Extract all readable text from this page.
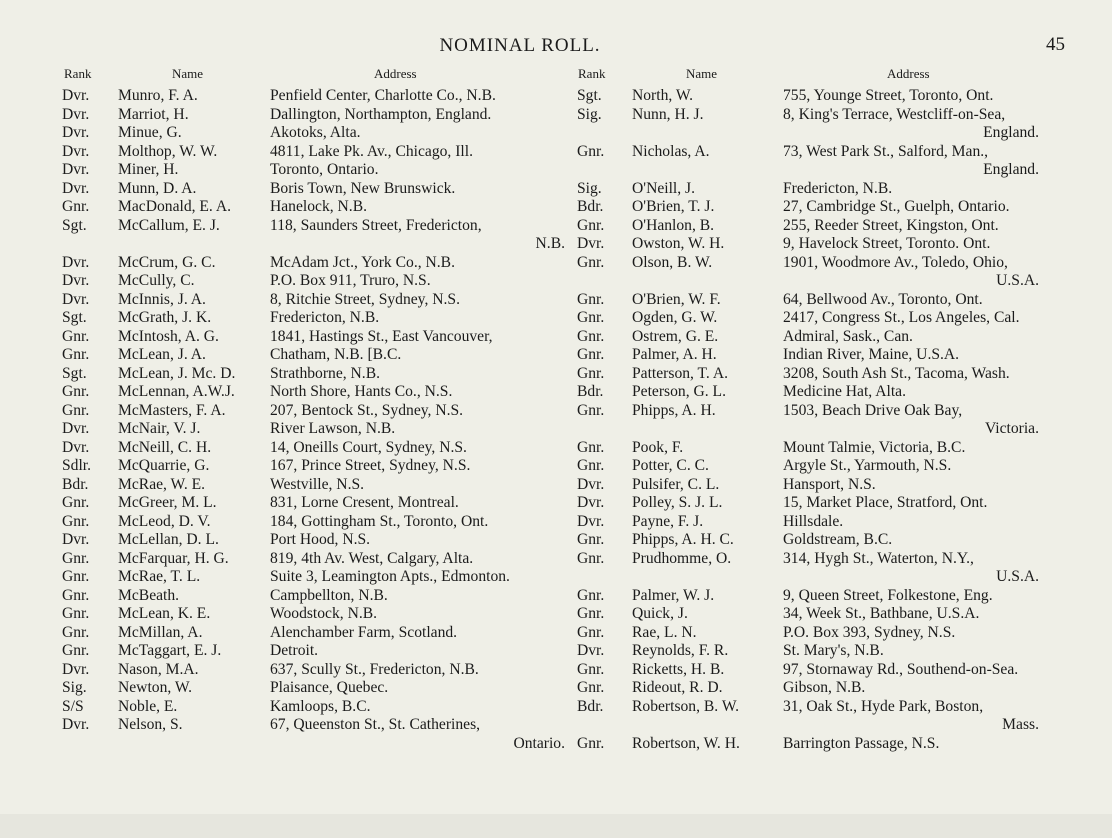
NOMINAL ROLL.	45
Rank	Name	Address	Rank	Name	Address
Dvr. Munro, F. A.	Penfield Center, Charlotte Co., N.B.
Dvr. Marriot, H.	Dallington, Northampton, England.
Dvr. Minue, G.	Akotoks, Alta.
Dvr. Molthop, W. W.	4811, Lake Pk. Av., Chicago, Ill.
Dvr. Miner, H.	Toronto, Ontario.
Dvr. Munn, D. A.	Boris Town, New Brunswick.
Gnr. MacDonald, E. A. Hanelock, N.B.
Sgt. McCallum, E. J.	118, Saunders Street, Fredericton,
N.B.
Dvr. McCrum, G. C.	McAdam Jct., York Co., N.B.
Dvr. McCully, C.	P.O. Box 911, Truro, N.S.
Dvr. McInnis, J. A.	8, Ritchie Street, Sydney, N.S.
Sgt. McGrath, J. K.	Fredericton, N.B.
Gnr. McIntosh, A. G.	1841, Hastings St., East Vancouver,
Gnr. McLean, J. A.	Chatham, N.B. [B.C.
Sgt. McLean, J. Mc. D. Strathborne, N.B.
Gnr. McLennan, A.W.J. North Shore, Hants Co., N.S.
Gnr. McMasters, F. A.	207, Bentock St., Sydney, N.S.
Dvr. McNair, V. J.	River Lawson, N.B.
Dvr. McNeill, C. H.	14, Oneills Court, Sydney, N.S.
Sdlr. McQuarrie, G.	167, Prince Street, Sydney, N.S.
Bdr. McRae, W. E.	Westville, N.S.
Gnr. McGreer, M. L.	831, Lorne Cresent, Montreal.
Gnr. McLeod, D. V.	184, Gottingham St., Toronto, Ont.
Dvr. McLellan, D. L.	Port Hood, N.S.
Gnr. McFarquar, H. G.	819, 4th Av. West, Calgary, Alta.
Gnr. McRae, T. L.	Suite 3, Leamington Apts., Edmonton.
Gnr. McBeath.	Campbellton, N.B.
Gnr. McLean, K. E.	Woodstock, N.B.
Gnr. McMillan, A.	Alenchamber Farm, Scotland.
Gnr. McTaggart, E. J.	Detroit.
Dvr. Nason, M.A.	637, Scully St., Fredericton, N.B.
Sig. Newton, W.	Plaisance, Quebec.
S/S Noble, E.	Kamloops, B.C.
Dvr. Nelson, S.	67, Queenston St., St. Catherines,
Ontario.
Sgt. North, W.	755, Younge Street, Toronto, Ont.
Sig. Nunn, H. J.	8, King's Terrace, Westcliff-on-Sea,
England.
Gnr. Nicholas, A.	73, West Park St., Salford, Man.,
England.
Sig. O'Neill, J.	Fredericton, N.B.
Bdr. O'Brien, T. J.	27, Cambridge St., Guelph, Ontario.
Gnr. O'Hanlon, B.	255, Reeder Street, Kingston, Ont.
Dvr. Owston, W. H.	9, Havelock Street, Toronto. Ont.
Gnr. Olson, B. W.	1901, Woodmore Av., Toledo, Ohio,
U.S.A.
Gnr. O'Brien, W. F.	64, Bellwood Av., Toronto, Ont.
Gnr. Ogden, G. W.	2417, Congress St., Los Angeles, Cal.
Gnr. Ostrem, G. E.	Admiral, Sask., Can.
Gnr. Palmer, A. H.	Indian River, Maine, U.S.A.
Gnr. Patterson, T. A.	3208, South Ash St., Tacoma, Wash.
Bdr. Peterson, G. L.	Medicine Hat, Alta.
Gnr. Phipps, A. H.	1503, Beach Drive Oak Bay,
Victoria.
Gnr. Pook, F.	Mount Talmie, Victoria, B.C.
Gnr. Potter, C. C.	Argyle St., Yarmouth, N.S.
Dvr. Pulsifer, C. L.	Hansport, N.S.
Dvr. Polley, S. J. L.	15, Market Place, Stratford, Ont.
Dvr. Payne, F. J.	Hillsdale.
Gnr. Phipps, A. H. C.	Goldstream, B.C.
Gnr. Prudhomme, O.	314, Hygh St., Waterton, N.Y.,
U.S.A.
Gnr. Palmer, W. J.	9, Queen Street, Folkestone, Eng.
Gnr. Quick, J.	34, Week St., Bathbane, U.S.A.
Gnr. Rae, L. N.	P.O. Box 393, Sydney, N.S.
Dvr. Reynolds, F. R.	St. Mary's, N.B.
Gnr. Ricketts, H. B.	97, Stornaway Rd., Southend-on-Sea.
Gnr. Rideout, R. D.	Gibson, N.B.
Bdr. Robertson, B. W.	31, Oak St., Hyde Park, Boston,
Mass.
Gnr. Robertson, W. H.	Barrington Passage, N.S.
